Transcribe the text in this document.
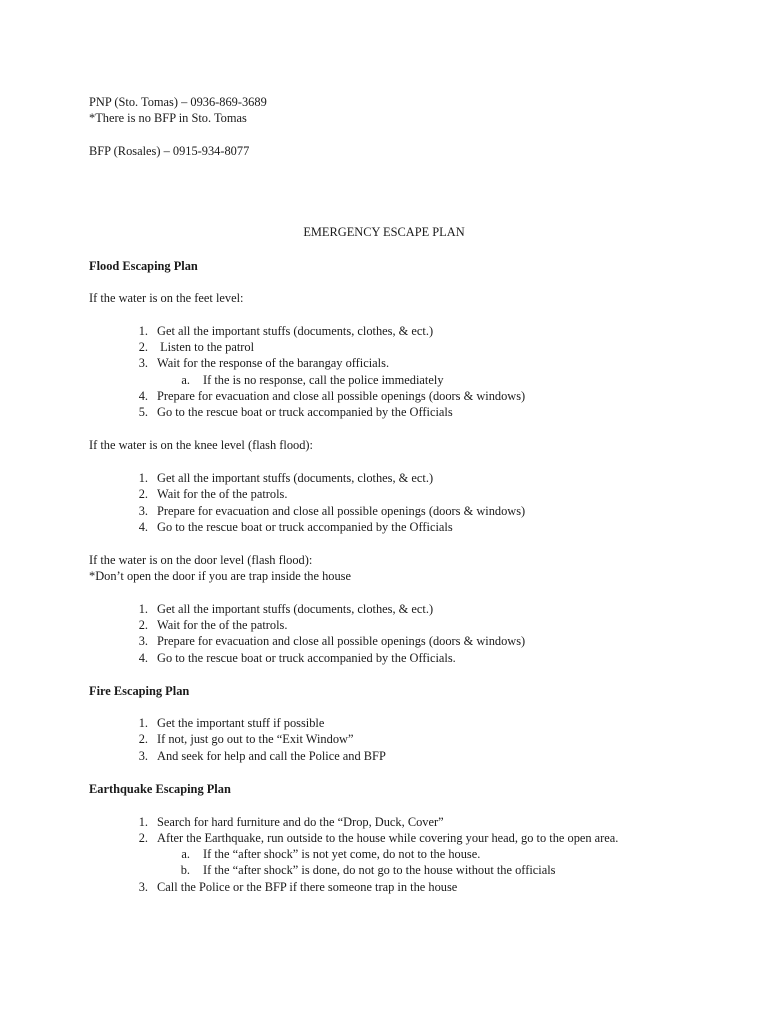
PNP (Sto. Tomas) – 0936-869-3689
*There is no BFP in Sto. Tomas
BFP (Rosales) – 0915-934-8077
EMERGENCY ESCAPE PLAN
Flood Escaping Plan
If the water is on the feet level:
1. Get all the important stuffs (documents, clothes, & ect.)
2. Listen to the patrol
3. Wait for the response of the barangay officials.
a. If the is no response, call the police immediately
4. Prepare for evacuation and close all possible openings (doors & windows)
5. Go to the rescue boat or truck accompanied by the Officials
If the water is on the knee level (flash flood):
1. Get all the important stuffs (documents, clothes, & ect.)
2. Wait for the of the patrols.
3. Prepare for evacuation and close all possible openings (doors & windows)
4. Go to the rescue boat or truck accompanied by the Officials
If the water is on the door level (flash flood):
*Don’t open the door if you are trap inside the house
1. Get all the important stuffs (documents, clothes, & ect.)
2. Wait for the of the patrols.
3. Prepare for evacuation and close all possible openings (doors & windows)
4. Go to the rescue boat or truck accompanied by the Officials.
Fire Escaping Plan
1. Get the important stuff if possible
2. If not, just go out to the “Exit Window”
3. And seek for help and call the Police and BFP
Earthquake Escaping Plan
1. Search for hard furniture and do the “Drop, Duck, Cover”
2. After the Earthquake, run outside to the house while covering your head, go to the open area.
a. If the “after shock” is not yet come, do not to the house.
b. If the “after shock” is done, do not go to the house without the officials
3. Call the Police or the BFP if there someone trap in the house
